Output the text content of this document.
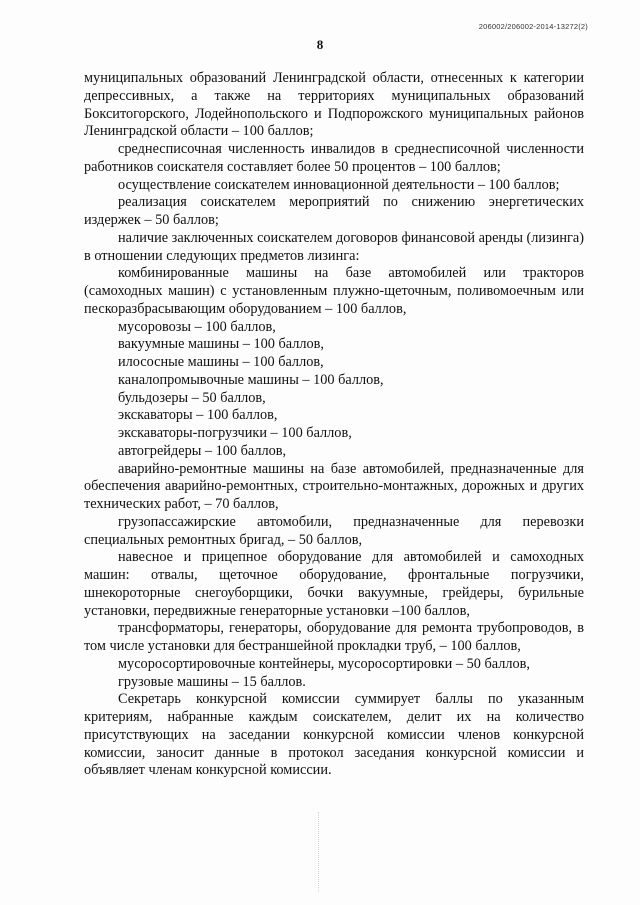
206002/206002-2014-13272(2)
8

муниципальных образований Ленинградской области, отнесенных к категории депрессивных, а также на территориях муниципальных образований Бокситогорского, Лодейнопольского и Подпорожского муниципальных районов Ленинградской области – 100 баллов;

среднесписочная численность инвалидов в среднесписочной численности работников соискателя составляет более 50 процентов – 100 баллов;

осуществление соискателем инновационной деятельности – 100 баллов;

реализация соискателем мероприятий по снижению энергетических издержек – 50 баллов;

наличие заключенных соискателем договоров финансовой аренды (лизинга) в отношении следующих предметов лизинга:

комбинированные машины на базе автомобилей или тракторов (самоходных машин) с установленным плужно-щеточным, поливомоечным или пескоразбрасывающим оборудованием – 100 баллов,

мусоровозы – 100 баллов,

вакуумные машины – 100 баллов,

илососные машины – 100 баллов,

каналопромывочные машины – 100 баллов,

бульдозеры – 50 баллов,

экскаваторы – 100 баллов,

экскаваторы-погрузчики – 100 баллов,

автогрейдеры – 100 баллов,

аварийно-ремонтные машины на базе автомобилей, предназначенные для обеспечения аварийно-ремонтных, строительно-монтажных, дорожных и других технических работ, – 70 баллов,

грузопассажирские автомобили, предназначенные для перевозки специальных ремонтных бригад, – 50 баллов,

навесное и прицепное оборудование для автомобилей и самоходных машин: отвалы, щеточное оборудование, фронтальные погрузчики, шнекороторные снегоуборщики, бочки вакуумные, грейдеры, бурильные установки, передвижные генераторные установки –100 баллов,

трансформаторы, генераторы, оборудование для ремонта трубопроводов, в том числе установки для бестраншейной прокладки труб, – 100 баллов,

мусоросортировочные контейнеры, мусоросортировки – 50 баллов,

грузовые машины – 15 баллов.

Секретарь конкурсной комиссии суммирует баллы по указанным критериям, набранные каждым соискателем, делит их на количество присутствующих на заседании конкурсной комиссии членов конкурсной комиссии, заносит данные в протокол заседания конкурсной комиссии и объявляет членам конкурсной комиссии.
